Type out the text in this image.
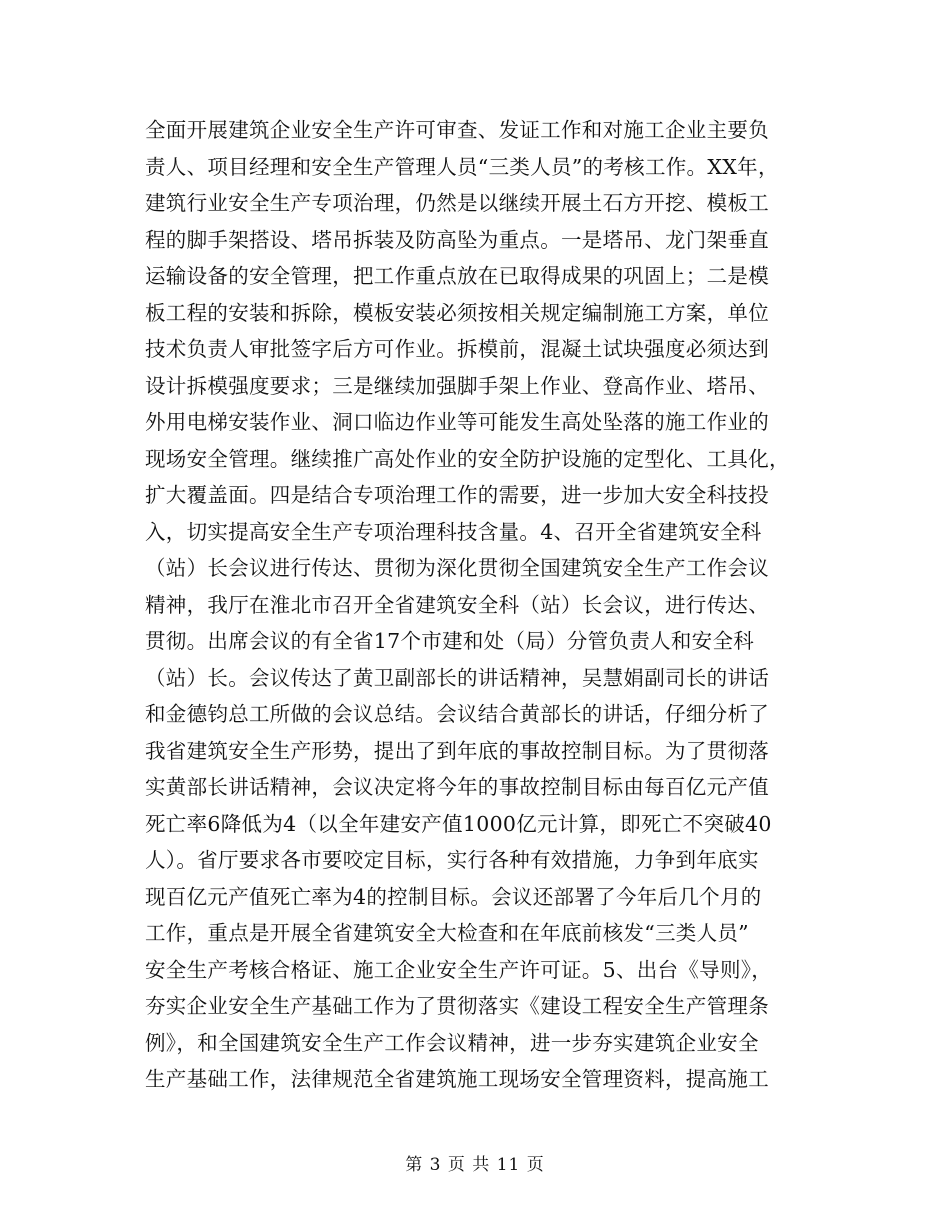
全面开展建筑企业安全生产许可审查、发证工作和对施工企业主要负
责人、项目经理和安全生产管理人员“三类人员”的考核工作。XX年，
建筑行业安全生产专项治理，仍然是以继续开展土石方开挖、模板工
程的脚手架搭设、塔吊拆装及防高坠为重点。一是塔吊、龙门架垂直
运输设备的安全管理，把工作重点放在已取得成果的巩固上；二是模
板工程的安装和拆除，模板安装必须按相关规定编制施工方案，单位
技术负责人审批签字后方可作业。拆模前，混凝土试块强度必须达到
设计拆模强度要求；三是继续加强脚手架上作业、登高作业、塔吊、
外用电梯安装作业、洞口临边作业等可能发生高处坠落的施工作业的
现场安全管理。继续推广高处作业的安全防护设施的定型化、工具化，
扩大覆盖面。四是结合专项治理工作的需要，进一步加大安全科技投
入，切实提高安全生产专项治理科技含量。4、召开全省建筑安全科
（站）长会议进行传达、贯彻为深化贯彻全国建筑安全生产工作会议
精神，我厅在淮北市召开全省建筑安全科（站）长会议，进行传达、
贯彻。出席会议的有全省17个市建和处（局）分管负责人和安全科
（站）长。会议传达了黄卫副部长的讲话精神，吴慧娟副司长的讲话
和金德钧总工所做的会议总结。会议结合黄部长的讲话，仔细分析了
我省建筑安全生产形势，提出了到年底的事故控制目标。为了贯彻落
实黄部长讲话精神，会议决定将今年的事故控制目标由每百亿元产值
死亡率6降低为4（以全年建安产值1000亿元计算，即死亡不突破40
人）。省厅要求各市要咬定目标，实行各种有效措施，力争到年底实
现百亿元产值死亡率为4的控制目标。会议还部署了今年后几个月的
工作，重点是开展全省建筑安全大检查和在年底前核发“三类人员”
安全生产考核合格证、施工企业安全生产许可证。5、出台《导则》，
夯实企业安全生产基础工作为了贯彻落实《建设工程安全生产管理条
例》，和全国建筑安全生产工作会议精神，进一步夯实建筑企业安全
生产基础工作，法律规范全省建筑施工现场安全管理资料，提高施工
第 3 页 共 11 页
